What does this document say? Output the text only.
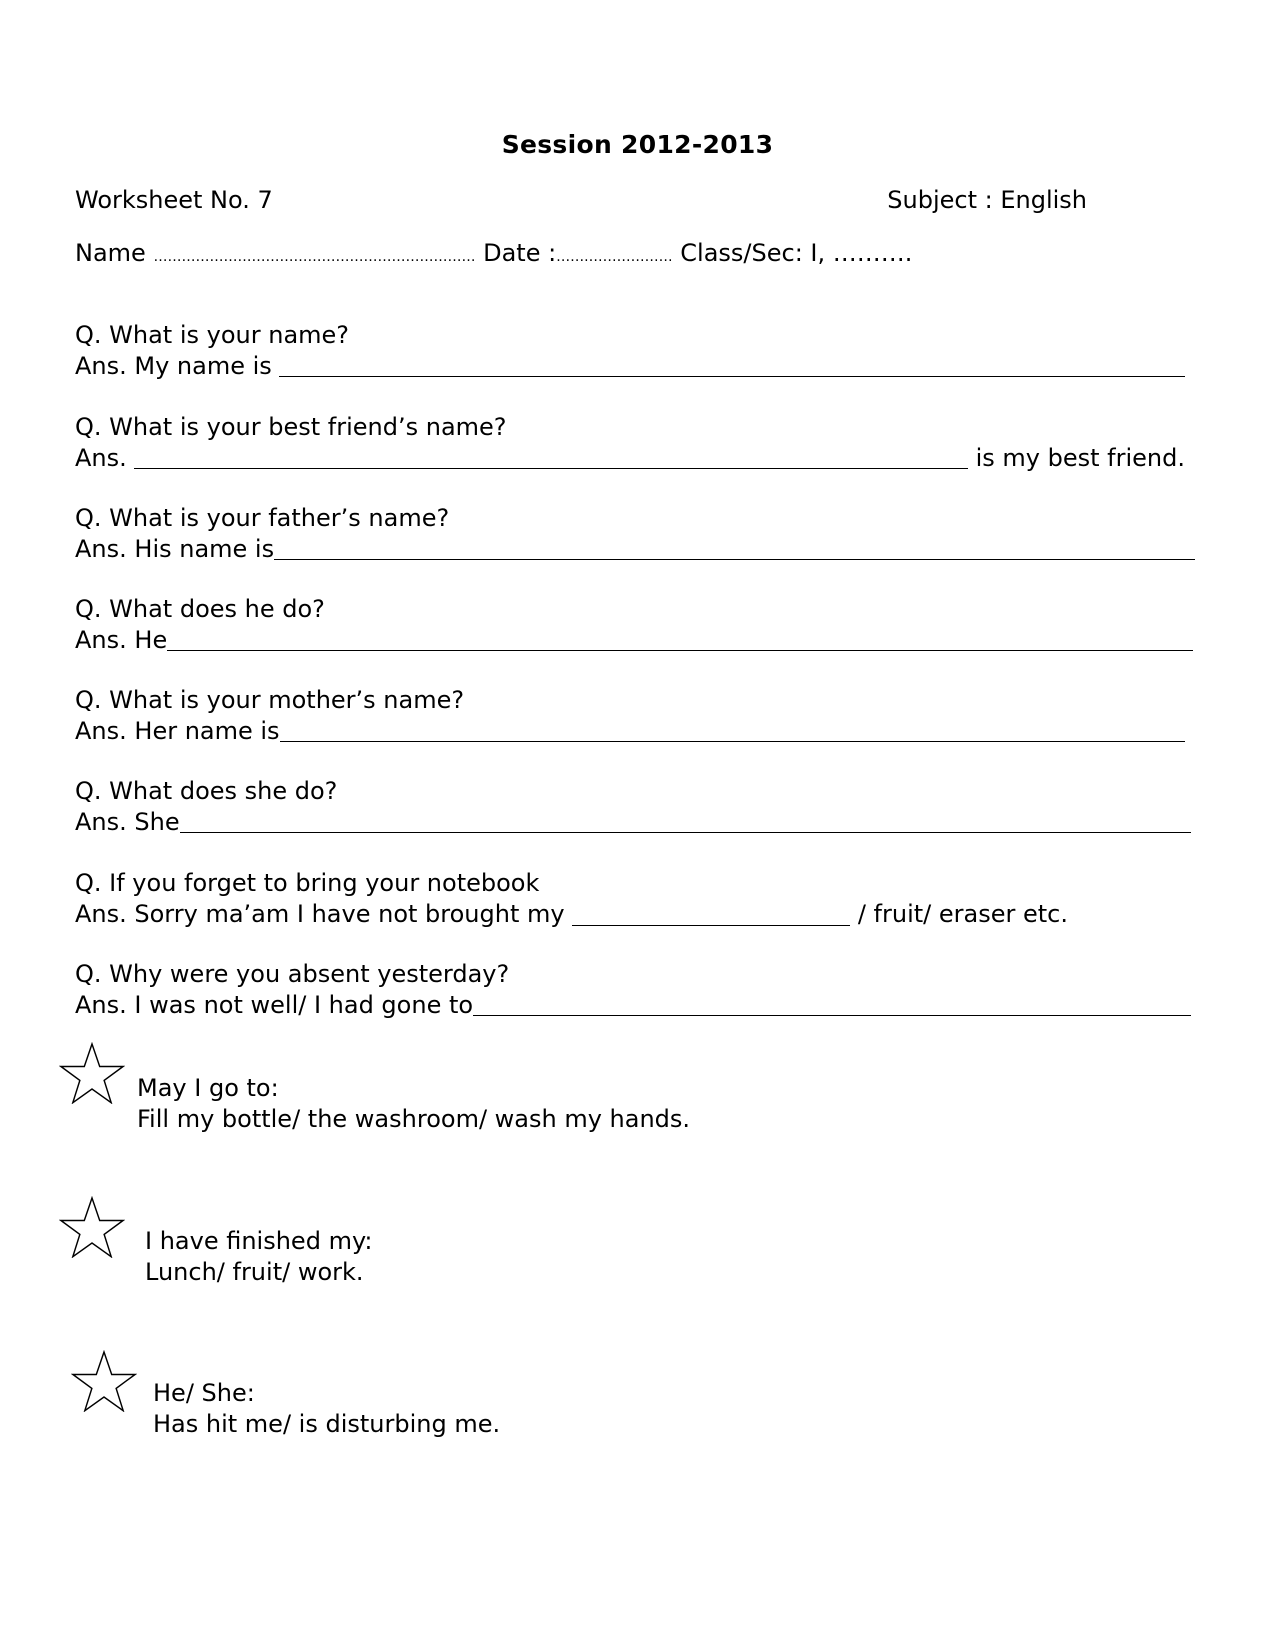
Session 2012-2013
Worksheet No. 7	Subject : English
Name …………………………………………………………… Date :…….……………… Class/Sec: I, ……….
Q. What is your name?
Ans. My name is
Q. What is your best friend’s name?
Ans.	is my best friend.
Q. What is your father’s name?
Ans. His name is
Q. What does he do?
Ans. He
Q. What is your mother’s name?
Ans. Her name is
Q. What does she do?
Ans. She
Q. If you forget to bring your notebook
Ans. Sorry ma’am I have not brought my	/ fruit/ eraser etc.
Q. Why were you absent yesterday?
Ans. I was not well/ I had gone to
May I go to:
Fill my bottle/ the washroom/ wash my hands.
I have finished my:
Lunch/ fruit/ work.
He/ She:
Has hit me/ is disturbing me.
